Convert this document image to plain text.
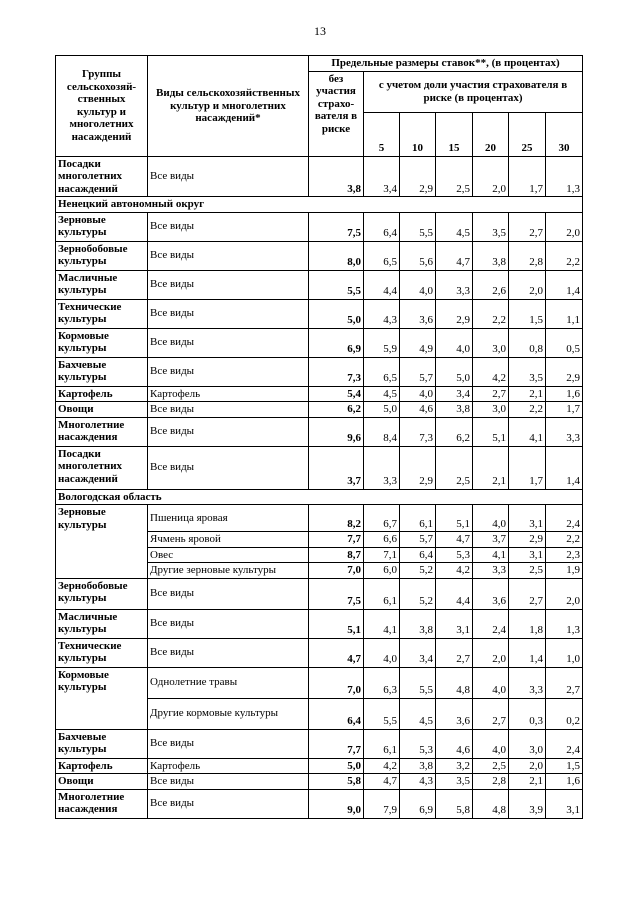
13
Группы сельскохозяй-ственных культур и многолетних насаждений	Виды сельскохозяйственных культур и многолетних насаждений*	Предельные размеры ставок**, (в процентах)						
		без участия страхо-вателя в риске	с учетом доли участия страхователя в риске (в процентах)					
			5	10	15	20	25	30
Посадки многолетних насаждений	Все виды	3,8	3,4	2,9	2,5	2,0	1,7	1,3
Ненецкий автономный округ								
Зерновые культуры	Все виды	7,5	6,4	5,5	4,5	3,5	2,7	2,0
Зернобобовые культуры	Все виды	8,0	6,5	5,6	4,7	3,8	2,8	2,2
Масличные культуры	Все виды	5,5	4,4	4,0	3,3	2,6	2,0	1,4
Технические культуры	Все виды	5,0	4,3	3,6	2,9	2,2	1,5	1,1
Кормовые культуры	Все виды	6,9	5,9	4,9	4,0	3,0	0,8	0,5
Бахчевые культуры	Все виды	7,3	6,5	5,7	5,0	4,2	3,5	2,9
Картофель	Картофель	5,4	4,5	4,0	3,4	2,7	2,1	1,6
Овощи	Все виды	6,2	5,0	4,6	3,8	3,0	2,2	1,7
Многолетние насаждения	Все виды	9,6	8,4	7,3	6,2	5,1	4,1	3,3
Посадки многолетних насаждений	Все виды	3,7	3,3	2,9	2,5	2,1	1,7	1,4
Вологодская область								
Зерновые культуры	Пшеница яровая	8,2	6,7	6,1	5,1	4,0	3,1	2,4
	Ячмень яровой	7,7	6,6	5,7	4,7	3,7	2,9	2,2
	Овес	8,7	7,1	6,4	5,3	4,1	3,1	2,3
	Другие зерновые культуры	7,0	6,0	5,2	4,2	3,3	2,5	1,9
Зернобобовые культуры	Все виды	7,5	6,1	5,2	4,4	3,6	2,7	2,0
Масличные культуры	Все виды	5,1	4,1	3,8	3,1	2,4	1,8	1,3
Технические культуры	Все виды	4,7	4,0	3,4	2,7	2,0	1,4	1,0
Кормовые культуры	Однолетние травы	7,0	6,3	5,5	4,8	4,0	3,3	2,7
	Другие кормовые культуры	6,4	5,5	4,5	3,6	2,7	0,3	0,2
Бахчевые культуры	Все виды	7,7	6,1	5,3	4,6	4,0	3,0	2,4
Картофель	Картофель	5,0	4,2	3,8	3,2	2,5	2,0	1,5
Овощи	Все виды	5,8	4,7	4,3	3,5	2,8	2,1	1,6
Многолетние насаждения	Все виды	9,0	7,9	6,9	5,8	4,8	3,9	3,1
